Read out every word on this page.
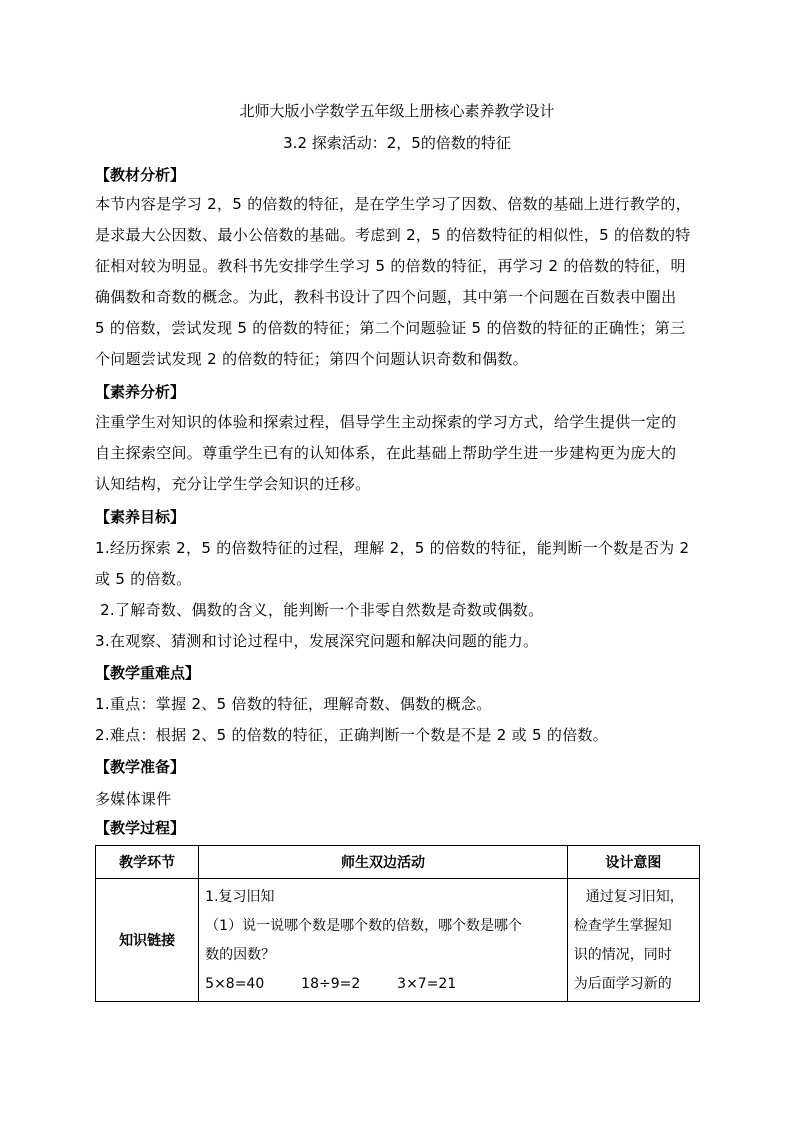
北师大版小学数学五年级上册核心素养教学设计
3.2 探索活动：2，5的倍数的特征
【教材分析】
本节内容是学习 2，5 的倍数的特征，是在学生学习了因数、倍数的基础上进行教学的，
是求最大公因数、最小公倍数的基础。考虑到 2，5 的倍数特征的相似性，5 的倍数的特
征相对较为明显。教科书先安排学生学习 5 的倍数的特征，再学习 2 的倍数的特征，明
确偶数和奇数的概念。为此，教科书设计了四个问题，其中第一个问题在百数表中圈出
5 的倍数，尝试发现 5 的倍数的特征；第二个问题验证 5 的倍数的特征的正确性；第三
个问题尝试发现 2 的倍数的特征；第四个问题认识奇数和偶数。
【素养分析】
注重学生对知识的体验和探索过程，倡导学生主动探索的学习方式，给学生提供一定的
自主探索空间。尊重学生已有的认知体系，在此基础上帮助学生进一步建构更为庞大的
认知结构，充分让学生学会知识的迁移。
【素养目标】
1.经历探索 2，5 的倍数特征的过程，理解 2，5 的倍数的特征，能判断一个数是否为 2
或 5 的倍数。
2.了解奇数、偶数的含义，能判断一个非零自然数是奇数或偶数。
3.在观察、猜测和讨论过程中，发展深究问题和解决问题的能力。
【教学重难点】
1.重点：掌握 2、5 倍数的特征，理解奇数、偶数的概念。
2.难点：根据 2、5 的倍数的特征，正确判断一个数是不是 2 或 5 的倍数。
【教学准备】
多媒体课件
【教学过程】
教学环节	师生双边活动	设计意图
知识链接	1.复习旧知
（1）说一说哪个数是哪个数的倍数，哪个数是哪个
数的因数？
5×8=40 18÷9=2 3×7=21	通过复习旧知，
检查学生掌握知
识的情况，同时
为后面学习新的
